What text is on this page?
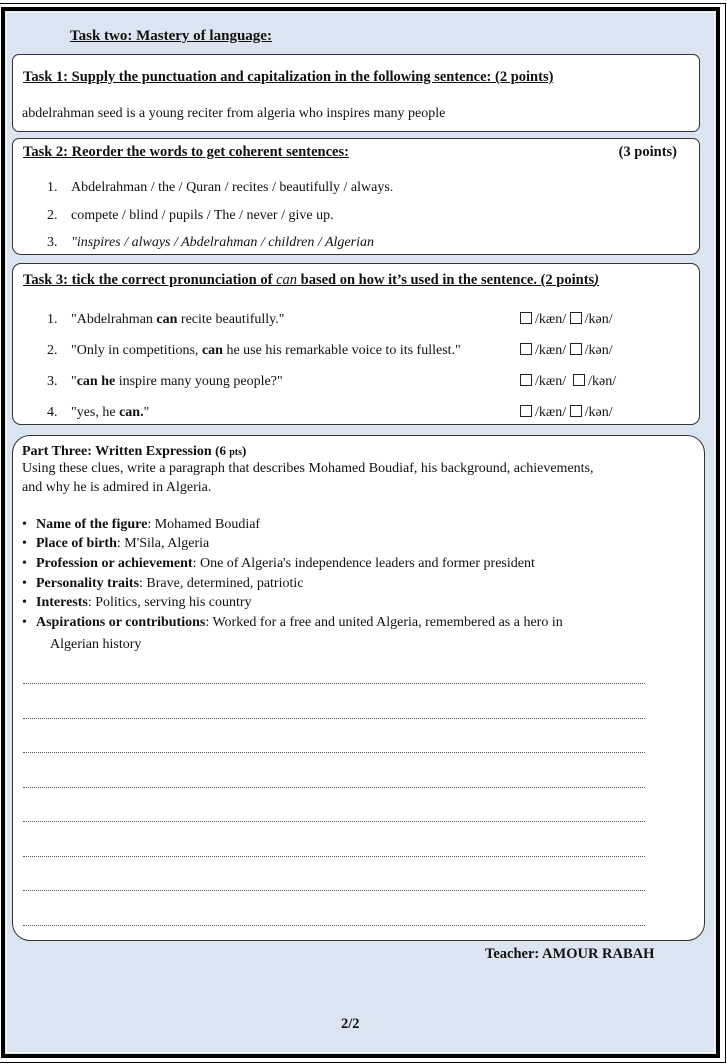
Task two: Mastery of language:
Task 1: Supply the punctuation and capitalization in the following sentence: (2 points)
abdelrahman seed is a young reciter from algeria who inspires many people
Task 2: Reorder the words to get coherent sentences:	(3 points)
1. Abdelrahman / the / Quran / recites / beautifully / always.
2. compete / blind / pupils / The / never / give up.
3. "inspires / always / Abdelrahman / children / Algerian
Task 3: tick the correct pronunciation of can based on how it’s used in the sentence. (2 points)
1. "Abdelrahman can recite beautifully."	/kæn/ /kən/
2. "Only in competitions, can he use his remarkable voice to its fullest."	/kæn/ /kən/
3. "can he inspire many young people?"	/kæn/ /kən/
4. "yes, he can."	/kæn/ /kən/
Part Three: Written Expression (6 pts)
Using these clues, write a paragraph that describes Mohamed Boudiaf, his background, achievements,
and why he is admired in Algeria.
• Name of the figure: Mohamed Boudiaf
• Place of birth: M'Sila, Algeria
• Profession or achievement: One of Algeria's independence leaders and former president
• Personality traits: Brave, determined, patriotic
• Interests: Politics, serving his country
• Aspirations or contributions: Worked for a free and united Algeria, remembered as a hero in
Algerian history
Teacher: AMOUR RABAH
2/2
